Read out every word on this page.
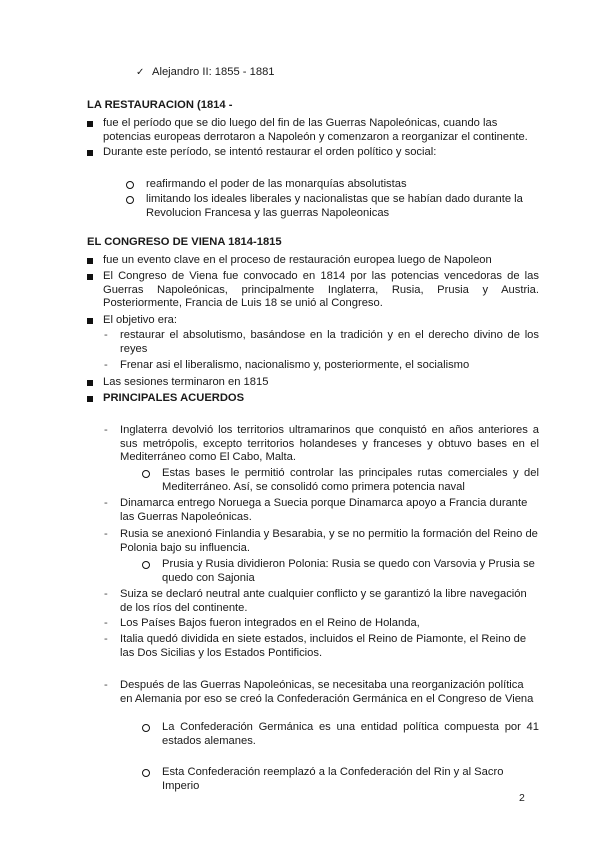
✓ Alejandro II: 1855 - 1881
LA RESTAURACION (1814 -
fue el período que se dio luego del fin de las Guerras Napoleónicas, cuando las potencias europeas derrotaron a Napoleón y comenzaron a reorganizar el continente.
Durante este período, se intentó restaurar el orden político y social:
reafirmando el poder de las monarquías absolutistas
limitando los ideales liberales y nacionalistas que se habían dado durante la Revolucion Francesa y las guerras Napoleonicas
EL CONGRESO DE VIENA 1814-1815
fue un evento clave en el proceso de restauración europea luego de Napoleon
El Congreso de Viena fue convocado en 1814 por las potencias vencedoras de las Guerras Napoleónicas, principalmente Inglaterra, Rusia, Prusia y Austria. Posteriormente, Francia de Luis 18 se unió al Congreso.
El objetivo era:
-	restaurar el absolutismo, basándose en la tradición y en el derecho divino de los reyes
-	Frenar asi el liberalismo, nacionalismo y, posteriormente, el socialismo
Las sesiones terminaron en 1815
PRINCIPALES ACUERDOS
-	Inglaterra devolvió los territorios ultramarinos que conquistó en años anteriores a sus metrópolis, excepto territorios holandeses y franceses y obtuvo bases en el Mediterráneo como El Cabo, Malta.
Estas bases le permitió controlar las principales rutas comerciales y del Mediterráneo. Así, se consolidó como primera potencia naval
-	Dinamarca entrego Noruega a Suecia porque Dinamarca apoyo a Francia durante las Guerras Napoleónicas.
-	Rusia se anexionó Finlandia y Besarabia, y se no permitio la formación del Reino de Polonia bajo su influencia.
Prusia y Rusia dividieron Polonia: Rusia se quedo con Varsovia y Prusia se quedo con Sajonia
-	Suiza se declaró neutral ante cualquier conflicto y se garantizó la libre navegación de los ríos del continente.
-	Los Países Bajos fueron integrados en el Reino de Holanda,
-	Italia quedó dividida en siete estados, incluidos el Reino de Piamonte, el Reino de las Dos Sicilias y los Estados Pontificios.
-	Después de las Guerras Napoleónicas, se necesitaba una reorganización política en Alemania por eso se creó la Confederación Germánica en el Congreso de Viena
La Confederación Germánica es una entidad política compuesta por 41 estados alemanes.
Esta Confederación reemplazó a la Confederación del Rin y al Sacro Imperio
2
